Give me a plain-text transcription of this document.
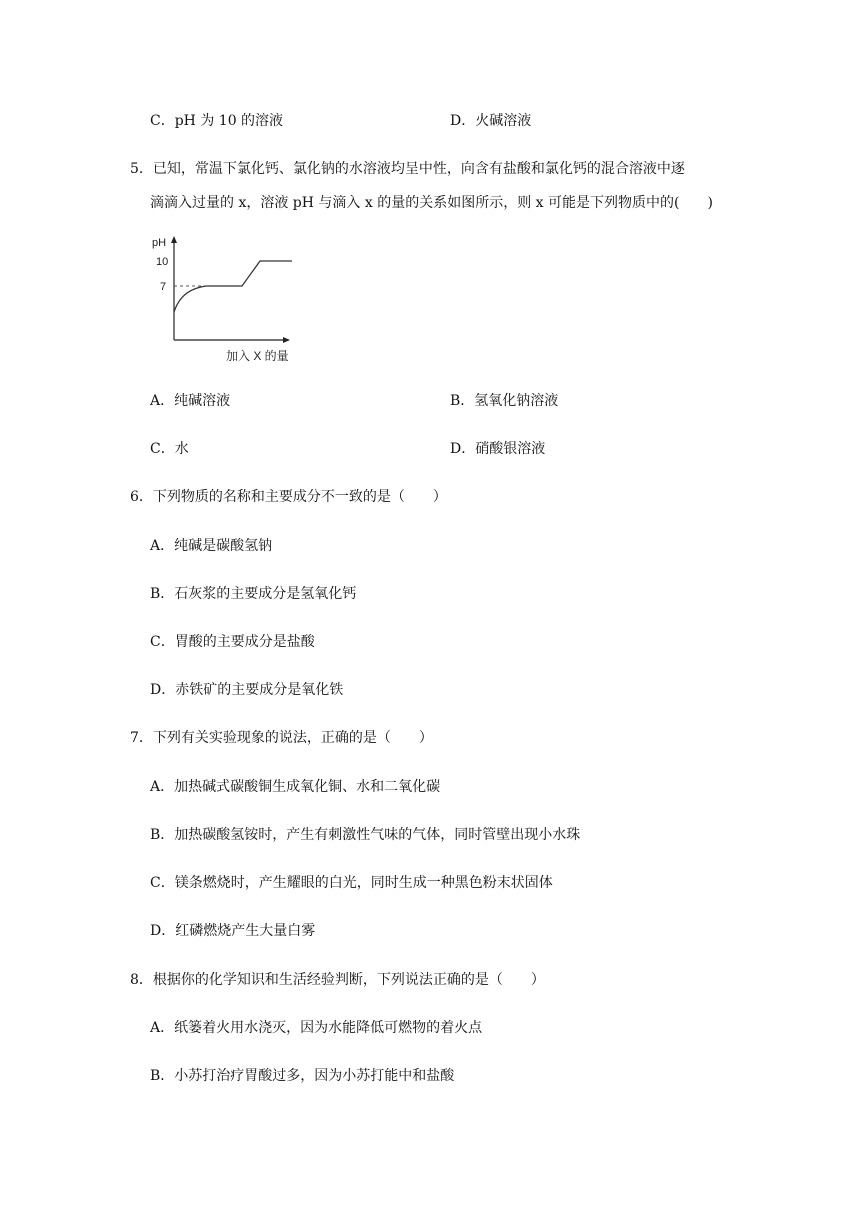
C．pH 为 10 的溶液	D．火碱溶液
5．已知，常温下氯化钙、氯化钠的水溶液均呈中性，向含有盐酸和氯化钙的混合溶液中逐
滴滴入过量的 x，溶液 pH 与滴入 x 的量的关系如图所示，则 x 可能是下列物质中的(　　)
pH
10
7
加入 X 的量
A．纯碱溶液	B．氢氧化钠溶液
C．水	D．硝酸银溶液
6．下列物质的名称和主要成分不一致的是（　　）
A．纯碱是碳酸氢钠
B．石灰浆的主要成分是氢氧化钙
C．胃酸的主要成分是盐酸
D．赤铁矿的主要成分是氧化铁
7．下列有关实验现象的说法，正确的是（　　）
A．加热碱式碳酸铜生成氧化铜、水和二氧化碳
B．加热碳酸氢铵时，产生有刺激性气味的气体，同时管壁出现小水珠
C．镁条燃烧时，产生耀眼的白光，同时生成一种黑色粉末状固体
D．红磷燃烧产生大量白雾
8．根据你的化学知识和生活经验判断，下列说法正确的是（　　）
A．纸篓着火用水浇灭，因为水能降低可燃物的着火点
B．小苏打治疗胃酸过多，因为小苏打能中和盐酸
